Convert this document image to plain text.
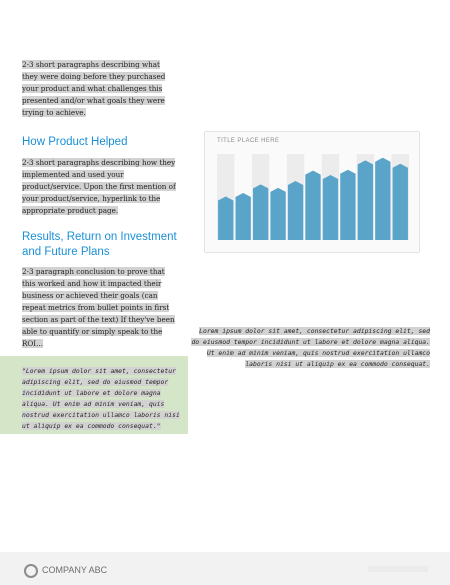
2-3 short paragraphs describing what they were doing before they purchased your product and what challenges this presented and/or what goals they were trying to achieve.
How Product Helped
2-3 short paragraphs describing how they implemented and used your product/service. Upon the first mention of your product/service, hyperlink to the appropriate product page.
Results, Return on Investment and Future Plans
2-3 paragraph conclusion to prove that this worked and how it impacted their business or achieved their goals (can repeat metrics from bullet points in first section as part of the text) If they've been able to quantify or simply speak to the ROI...
TITLE PLACE HERE
Lorem ipsum dolor sit amet, consectetur adipiscing elit, sed do eiusmod tempor incididunt ut labore et dolore magna aliqua. Ut enim ad minim veniam, quis nostrud exercitation ullamco laboris nisi ut aliquip ex ea commodo consequat.
"Lorem ipsum dolor sit amet, consectetur adipiscing elit, sed do eiusmod tempor incididunt ut labore et dolore magna aliqua. Ut enim ad minim veniam, quis nostrud exercitation ullamco laboris nisi ut aliquip ex ea commodo consequat."
COMPANY ABC
